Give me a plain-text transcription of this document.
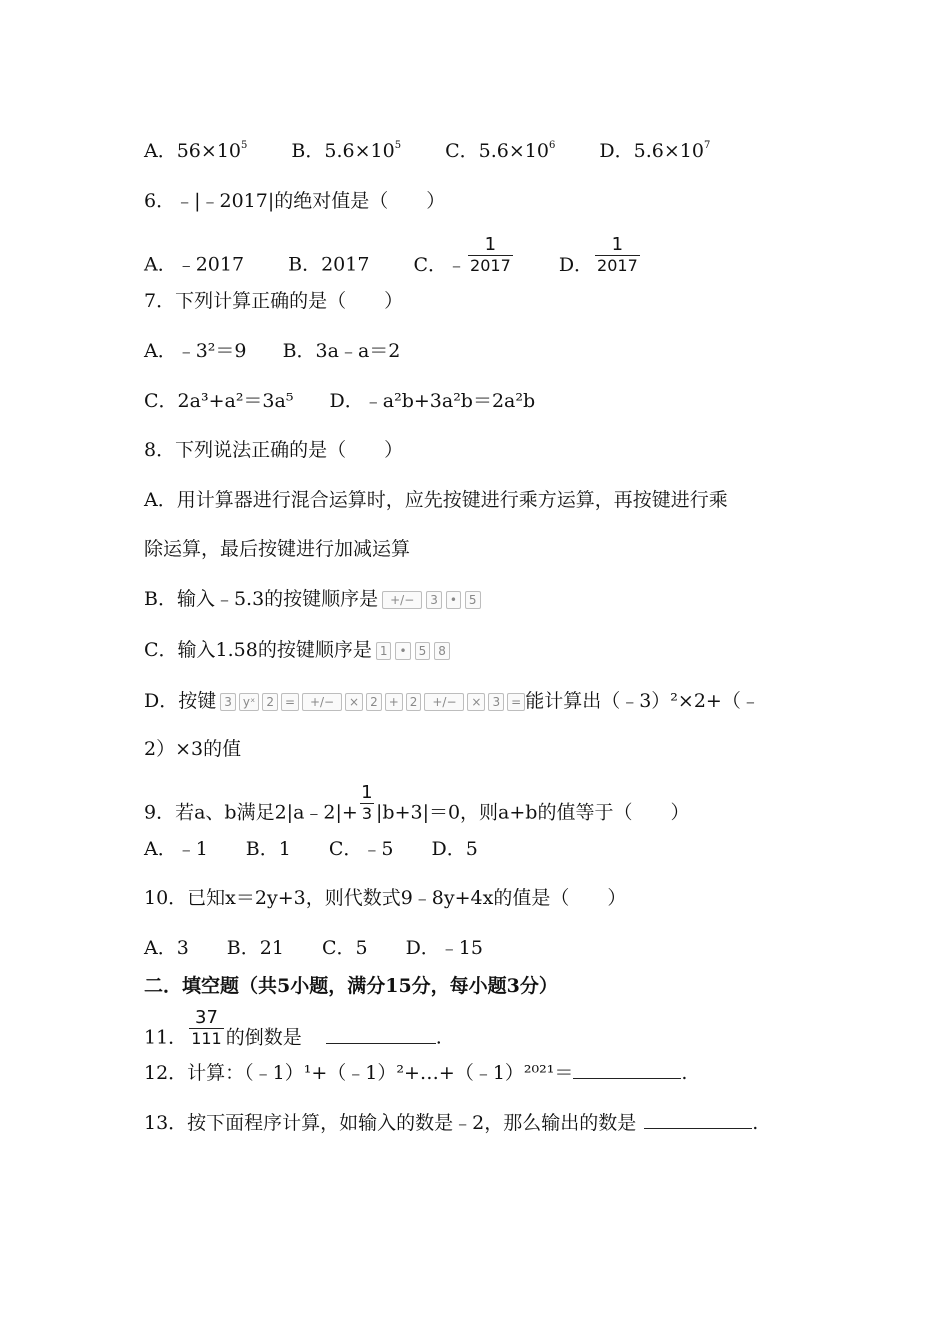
A．$56\times 10^5$ B．$5.6\times 10^5$ C．$5.6\times 10^6$ D．$5.6\times 10^7$
6．﹣|﹣2017|的绝对值是（　　）
A．﹣2017 B．2017 C．﹣ $\frac{1}{2017}$ D． $\frac{1}{2017}$
7．下列计算正确的是（　　）
A．﹣3²＝9 B．3a﹣a＝2
C．2a³+a²＝3a⁵ D．﹣a²b+3a²b＝2a²b
8．下列说法正确的是（　　）
A．用计算器进行混合运算时，应先按键进行乘方运算，再按键进行乘
除运算，最后按键进行加减运算
B．输入﹣5.3的按键顺序是 +/−	3	•	5
C．输入1.58的按键顺序是 1	•	5	8
D．按键 3 yˣ 2 =	+/−	× 2 + 2	+/−	× 3 = 能计算出（﹣3）²×2+（﹣
2）×3的值
9．若a、b满足2|a﹣2|+ $\frac{1}{3} |b+3|=0$，则a+b的值等于（　　）
A．﹣1　　B．1　　C．﹣5　　D．5
10．已知x＝2y+3，则代数式9﹣8y+4x的值是（　　）
A．3　　B．21　　C．5　　D．﹣15
二．填空题（共5小题，满分15分，每小题3分）
11． $\frac{37}{111}$ 的倒数是	.
12．计算：（﹣1）¹+（﹣1）²+…+（﹣1）²⁰²¹＝	.
13．按下面程序计算，如输入的数是﹣2，那么输出的数是	.
